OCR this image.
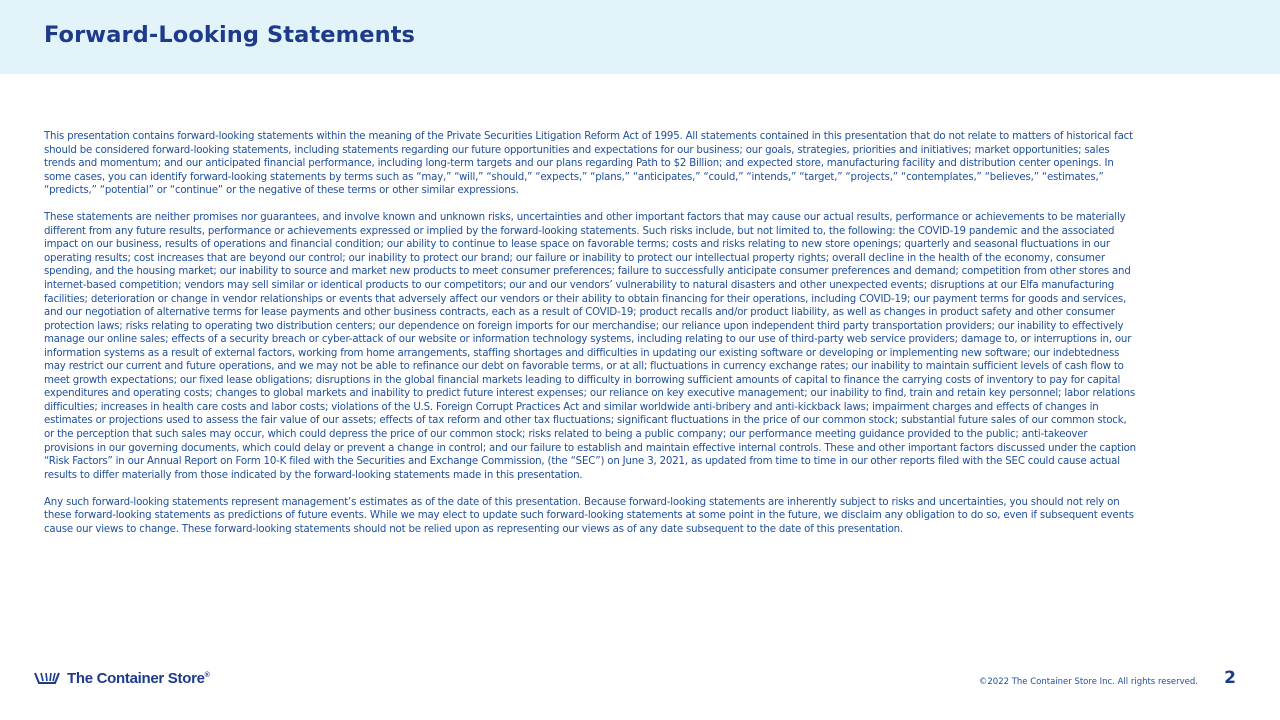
Forward-Looking Statements

This presentation contains forward-looking statements within the meaning of the Private Securities Litigation Reform Act of 1995. All statements contained in this presentation that do not relate to matters of historical fact should be considered forward-looking statements, including statements regarding our future opportunities and expectations for our business; our goals, strategies, priorities and initiatives; market opportunities; sales trends and momentum; and our anticipated financial performance, including long-term targets and our plans regarding Path to $2 Billion; and expected store, manufacturing facility and distribution center openings. In some cases, you can identify forward-looking statements by terms such as “may,” “will,” “should,” “expects,” “plans,” “anticipates,” “could,” “intends,” “target,” “projects,” “contemplates,” “believes,” “estimates,” “predicts,” “potential” or “continue” or the negative of these terms or other similar expressions.

These statements are neither promises nor guarantees, and involve known and unknown risks, uncertainties and other important factors that may cause our actual results, performance or achievements to be materially different from any future results, performance or achievements expressed or implied by the forward-looking statements. Such risks include, but not limited to, the following: the COVID-19 pandemic and the associated impact on our business, results of operations and financial condition; our ability to continue to lease space on favorable terms; costs and risks relating to new store openings; quarterly and seasonal fluctuations in our operating results; cost increases that are beyond our control; our inability to protect our brand; our failure or inability to protect our intellectual property rights; overall decline in the health of the economy, consumer spending, and the housing market; our inability to source and market new products to meet consumer preferences; failure to successfully anticipate consumer preferences and demand; competition from other stores and internet-based competition; vendors may sell similar or identical products to our competitors; our and our vendors’ vulnerability to natural disasters and other unexpected events; disruptions at our Elfa manufacturing facilities; deterioration or change in vendor relationships or events that adversely affect our vendors or their ability to obtain financing for their operations, including COVID-19; our payment terms for goods and services, and our negotiation of alternative terms for lease payments and other business contracts, each as a result of COVID-19; product recalls and/or product liability, as well as changes in product safety and other consumer protection laws; risks relating to operating two distribution centers; our dependence on foreign imports for our merchandise; our reliance upon independent third party transportation providers; our inability to effectively manage our online sales; effects of a security breach or cyber-attack of our website or information technology systems, including relating to our use of third-party web service providers; damage to, or interruptions in, our information systems as a result of external factors, working from home arrangements, staffing shortages and difficulties in updating our existing software or developing or implementing new software; our indebtedness may restrict our current and future operations, and we may not be able to refinance our debt on favorable terms, or at all; fluctuations in currency exchange rates; our inability to maintain sufficient levels of cash flow to meet growth expectations; our fixed lease obligations; disruptions in the global financial markets leading to difficulty in borrowing sufficient amounts of capital to finance the carrying costs of inventory to pay for capital expenditures and operating costs; changes to global markets and inability to predict future interest expenses; our reliance on key executive management; our inability to find, train and retain key personnel; labor relations difficulties; increases in health care costs and labor costs; violations of the U.S. Foreign Corrupt Practices Act and similar worldwide anti-bribery and anti-kickback laws; impairment charges and effects of changes in estimates or projections used to assess the fair value of our assets; effects of tax reform and other tax fluctuations; significant fluctuations in the price of our common stock; substantial future sales of our common stock, or the perception that such sales may occur, which could depress the price of our common stock; risks related to being a public company; our performance meeting guidance provided to the public; anti-takeover provisions in our governing documents, which could delay or prevent a change in control; and our failure to establish and maintain effective internal controls. These and other important factors discussed under the caption “Risk Factors” in our Annual Report on Form 10-K filed with the Securities and Exchange Commission, (the “SEC”) on June 3, 2021, as updated from time to time in our other reports filed with the SEC could cause actual results to differ materially from those indicated by the forward-looking statements made in this presentation.

Any such forward-looking statements represent management’s estimates as of the date of this presentation. Because forward-looking statements are inherently subject to risks and uncertainties, you should not rely on these forward-looking statements as predictions of future events. While we may elect to update such forward-looking statements at some point in the future, we disclaim any obligation to do so, even if subsequent events cause our views to change. These forward-looking statements should not be relied upon as representing our views as of any date subsequent to the date of this presentation.

The Container Store®
©2022 The Container Store Inc. All rights reserved. 2
